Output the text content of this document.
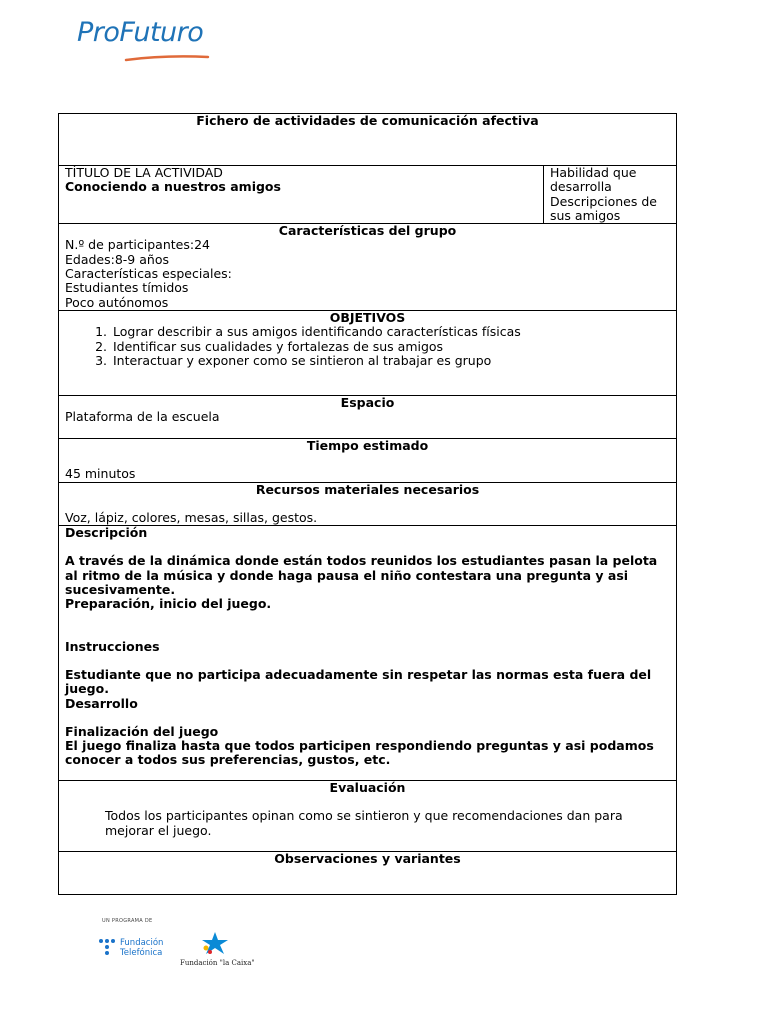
ProFuturo
Fichero de actividades de comunicación afectiva

TÍTULO DE LA ACTIVIDAD
Conociendo a nuestros amigos

Habilidad que desarrolla
Descripciones de sus amigos

Características del grupo
N.º de participantes:24
Edades:8-9 años
Características especiales:
Estudiantes tímidos
Poco autónomos

OBJETIVOS
1. Lograr describir a sus amigos identificando características físicas
2. Identificar sus cualidades y fortalezas de sus amigos
3. Interactuar y exponer como se sintieron al trabajar es grupo

Espacio
Plataforma de la escuela

Tiempo estimado
45 minutos

Recursos materiales necesarios
Voz, lápiz, colores, mesas, sillas, gestos.

Descripción
A través de la dinámica donde están todos reunidos los estudiantes pasan la pelota al ritmo de la música y donde haga pausa el niño contestara una pregunta y asi sucesivamente.
Preparación, inicio del juego.
Instrucciones
Estudiante que no participa adecuadamente sin respetar las normas esta fuera del juego.
Desarrollo
Finalización del juego
El juego finaliza hasta que todos participen respondiendo preguntas y asi podamos conocer a todos sus preferencias, gustos, etc.

Evaluación
Todos los participantes opinan como se sintieron y que recomendaciones dan para mejorar el juego.

Observaciones y variantes
UN PROGRAMA DE
Fundación
Telefónica
Fundación "la Caixa"
